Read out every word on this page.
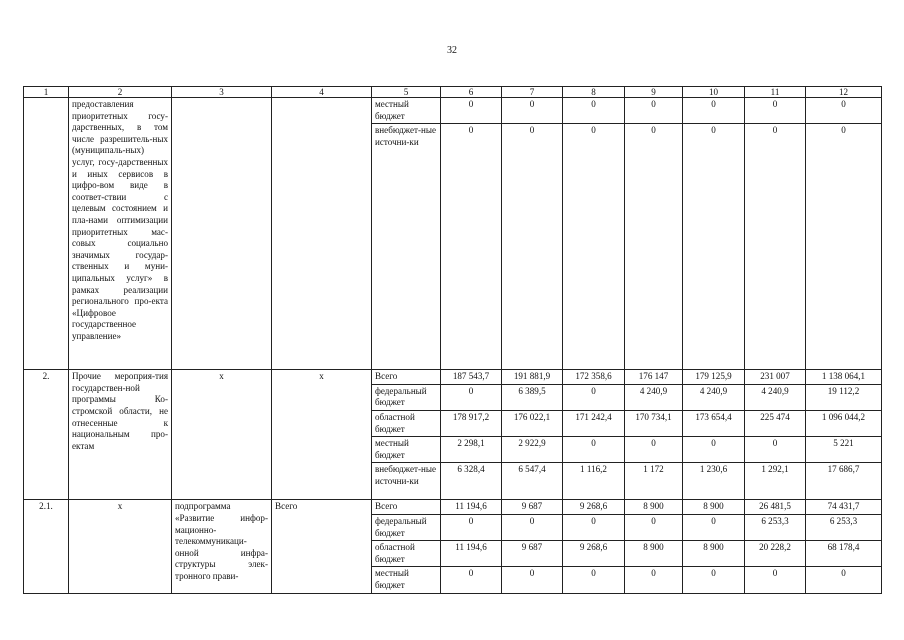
32
1	2	3	4	5	6	7	8	9	10	11	12
	предоставления приоритетных госу-дарственных, в том числе разрешитель-ных (муниципаль-ных) услуг, госу-дарственных и иных сервисов в цифро-вом виде в соответ-ствии с целевым состоянием и пла-нами оптимизации приоритетных мас-совых социально значимых государ-ственных и муни-ципальных услуг» в рамках реализации регионального про-екта «Цифровое государственное управление»			местный бюджет	0	0	0	0	0	0	0
				внебюджет-ные источни-ки	0	0	0	0	0	0	0
2.	Прочие мероприя-тия государствен-ной программы Ко-стромской области, не отнесенные к национальным про-ектам	х	х	Всего	187 543,7	191 881,9	172 358,6	176 147	179 125,9	231 007	1 138 064,1
				федеральный бюджет	0	6 389,5	0	4 240,9	4 240,9	4 240,9	19 112,2
				областной бюджет	178 917,2	176 022,1	171 242,4	170 734,1	173 654,4	225 474	1 096 044,2
				местный бюджет	2 298,1	2 922,9	0	0	0	0	5 221
				внебюджет-ные источни-ки	6 328,4	6 547,4	1 116,2	1 172	1 230,6	1 292,1	17 686,7
2.1.	х	подпрограмма «Развитие инфор-мационно-телекоммуникаци-онной инфра-структуры элек-тронного прави-	Всего	Всего	11 194,6	9 687	9 268,6	8 900	8 900	26 481,5	74 431,7
				федеральный бюджет	0	0	0	0	0	6 253,3	6 253,3
				областной бюджет	11 194,6	9 687	9 268,6	8 900	8 900	20 228,2	68 178,4
				местный бюджет	0	0	0	0	0	0	0
